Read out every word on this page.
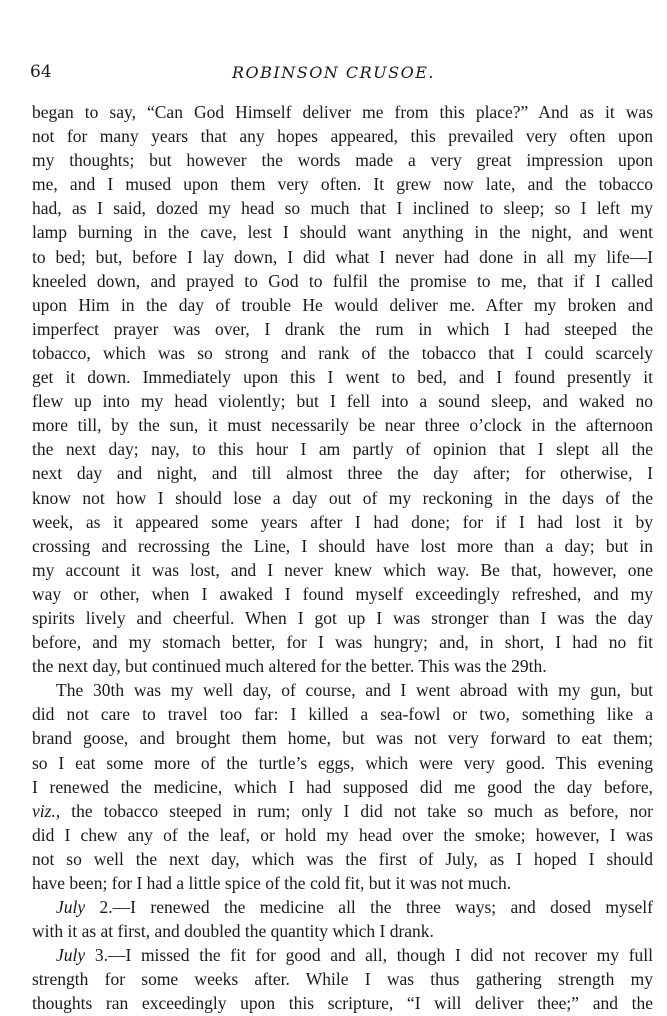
64	ROBINSON CRUSOE.
began to say, “Can God Himself deliver me from this place?” And as it was
not for many years that any hopes appeared, this prevailed very often upon
my thoughts; but however the words made a very great impression upon
me, and I mused upon them very often. It grew now late, and the tobacco
had, as I said, dozed my head so much that I inclined to sleep; so I left my
lamp burning in the cave, lest I should want anything in the night, and went
to bed; but, before I lay down, I did what I never had done in all my life—I
kneeled down, and prayed to God to fulfil the promise to me, that if I called
upon Him in the day of trouble He would deliver me. After my broken and
imperfect prayer was over, I drank the rum in which I had steeped the
tobacco, which was so strong and rank of the tobacco that I could scarcely
get it down. Immediately upon this I went to bed, and I found presently it
flew up into my head violently; but I fell into a sound sleep, and waked no
more till, by the sun, it must necessarily be near three o’clock in the afternoon
the next day; nay, to this hour I am partly of opinion that I slept all the
next day and night, and till almost three the day after; for otherwise, I
know not how I should lose a day out of my reckoning in the days of the
week, as it appeared some years after I had done; for if I had lost it by
crossing and recrossing the Line, I should have lost more than a day; but in
my account it was lost, and I never knew which way. Be that, however, one
way or other, when I awaked I found myself exceedingly refreshed, and my
spirits lively and cheerful. When I got up I was stronger than I was the day
before, and my stomach better, for I was hungry; and, in short, I had no fit
the next day, but continued much altered for the better. This was the 29th.
The 30th was my well day, of course, and I went abroad with my gun, but
did not care to travel too far: I killed a sea-fowl or two, something like a
brand goose, and brought them home, but was not very forward to eat them;
so I eat some more of the turtle’s eggs, which were very good. This evening
I renewed the medicine, which I had supposed did me good the day before,
viz., the tobacco steeped in rum; only I did not take so much as before, nor
did I chew any of the leaf, or hold my head over the smoke; however, I was
not so well the next day, which was the first of July, as I hoped I should
have been; for I had a little spice of the cold fit, but it was not much.
July 2.—I renewed the medicine all the three ways; and dosed myself
with it as at first, and doubled the quantity which I drank.
July 3.—I missed the fit for good and all, though I did not recover my full
strength for some weeks after. While I was thus gathering strength my
thoughts ran exceedingly upon this scripture, “I will deliver thee;” and the
